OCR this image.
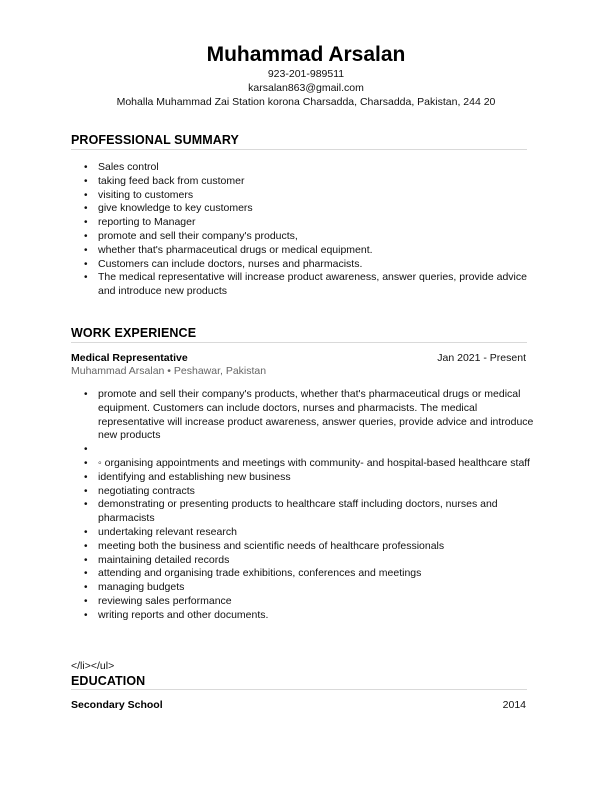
Muhammad Arsalan
923-201-989511
karsalan863@gmail.com
Mohalla Muhammad Zai Station korona Charsadda, Charsadda, Pakistan, 244 20
PROFESSIONAL SUMMARY
• Sales control
• taking feed back from customer
• visiting to customers
• give knowledge to key customers
• reporting to Manager
• promote and sell their company's products,
• whether that's pharmaceutical drugs or medical equipment.
• Customers can include doctors, nurses and pharmacists.
• The medical representative will increase product awareness, answer queries, provide advice and introduce new products
WORK EXPERIENCE
Medical Representative	Jan 2021 - Present
Muhammad Arsalan • Peshawar, Pakistan
• promote and sell their company's products, whether that's pharmaceutical drugs or medical equipment. Customers can include doctors, nurses and pharmacists. The medical representative will increase product awareness, answer queries, provide advice and introduce new products
•
• ◦ organising appointments and meetings with community- and hospital-based healthcare staff
• identifying and establishing new business
• negotiating contracts
• demonstrating or presenting products to healthcare staff including doctors, nurses and pharmacists
• undertaking relevant research
• meeting both the business and scientific needs of healthcare professionals
• maintaining detailed records
• attending and organising trade exhibitions, conferences and meetings
• managing budgets
• reviewing sales performance
• writing reports and other documents.
</li></ul>
EDUCATION
Secondary School	2014
